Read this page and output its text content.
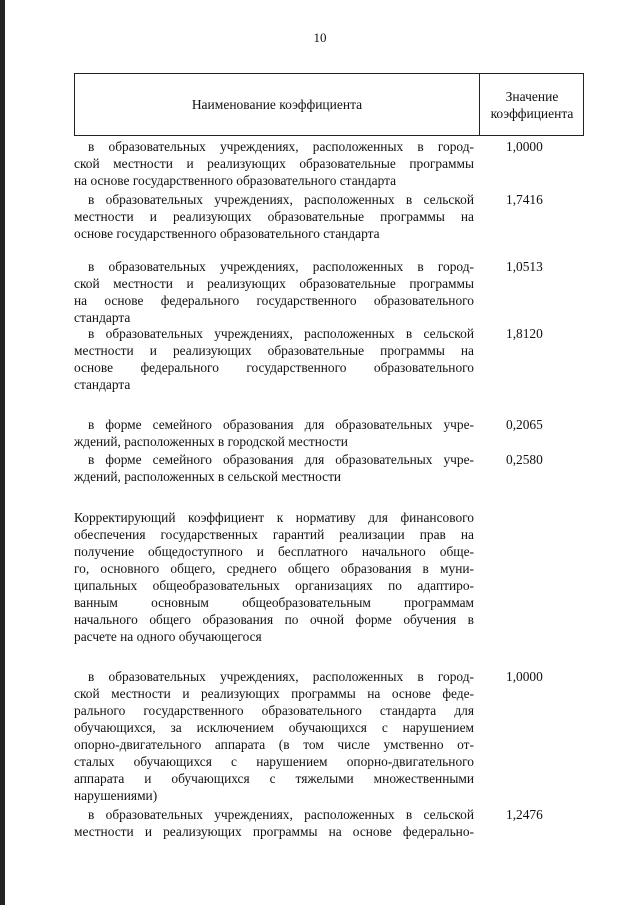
10
Наименование коэффициента
Значение
коэффициента
в образовательных учреждениях, расположенных в город-
ской местности и реализующих образовательные программы
на основе государственного образовательного стандарта
1,0000
в образовательных учреждениях, расположенных в сельской
местности и реализующих образовательные программы на
основе государственного образовательного стандарта
1,7416
в образовательных учреждениях, расположенных в город-
ской местности и реализующих образовательные программы
на основе федерального государственного образовательного
стандарта
1,0513
в образовательных учреждениях, расположенных в сельской
местности и реализующих образовательные программы на
основе федерального государственного образовательного
стандарта
1,8120
в форме семейного образования для образовательных учре-
ждений, расположенных в городской местности
0,2065
в форме семейного образования для образовательных учре-
ждений, расположенных в сельской местности
0,2580
Корректирующий коэффициент к нормативу для финансового
обеспечения государственных гарантий реализации прав на
получение общедоступного и бесплатного начального обще-
го, основного общего, среднего общего образования в муни-
ципальных общеобразовательных организациях по адаптиро-
ванным основным общеобразовательным программам
начального общего образования по очной форме обучения в
расчете на одного обучающегося
в образовательных учреждениях, расположенных в город-
ской местности и реализующих программы на основе феде-
рального государственного образовательного стандарта для
обучающихся, за исключением обучающихся с нарушением
опорно-двигательного аппарата (в том числе умственно от-
сталых обучающихся с нарушением опорно-двигательного
аппарата и обучающихся с тяжелыми множественными
нарушениями)
1,0000
в образовательных учреждениях, расположенных в сельской
местности и реализующих программы на основе федерально-
1,2476
